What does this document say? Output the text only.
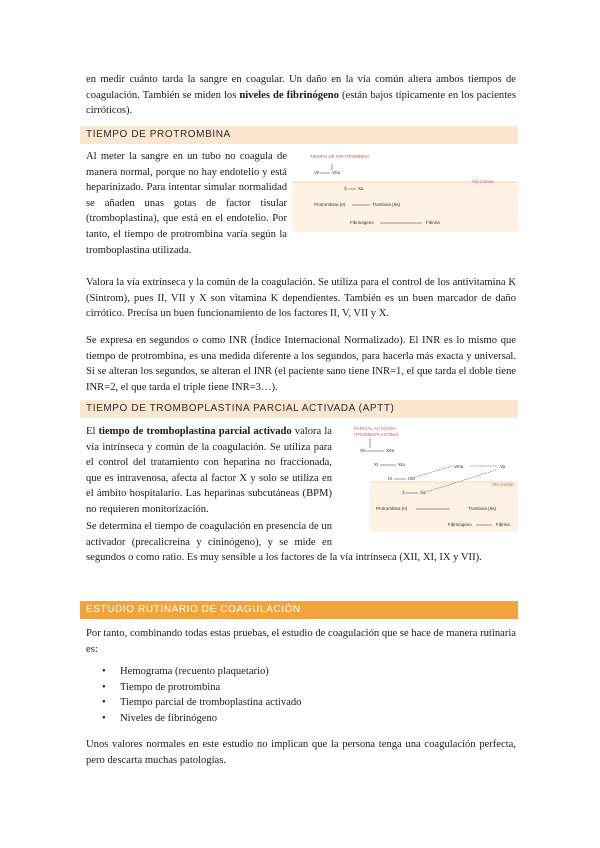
en medir cuánto tarda la sangre en coagular. Un daño en la vía común altera ambos tiempos de coagulación. También se miden los niveles de fibrinógeno (están bajos típicamente en los pacientes cirróticos).
TIEMPO DE PROTROMBINA
Al meter la sangre en un tubo no coagula de manera normal, porque no hay endotelio y está heparinizado. Para intentar simular normalidad se añaden unas gotas de factor tisular (tromboplastina), que está en el endotelio. Por tanto, el tiempo de protrombina varía según la tromboplastina utilizada.
TIEMPO DE PROTROMBINA
VII	VIIa
Vía común
X Xa
Protrombina (II)	Trombina (IIa)
Fibrinógeno	Fibrina
Valora la vía extrínseca y la común de la coagulación. Se utiliza para el control de los antivitamina K (Sintrom), pues II, VII y X son vitamina K dependientes. También es un buen marcador de daño cirrótico. Precisa un buen funcionamiento de los factores II, V, VII y X.
Se expresa en segundos o como INR (Índice Internacional Normalizado). El INR es lo mismo que tiempo de protrombina, es una medida diferente a los segundos, para hacerla más exacta y universal. Si se alteran los segundos, se alteran el INR (el paciente sano tiene INR=1, el que tarda el doble tiene INR=2, el que tarda el triple tiene INR=3…).
TIEMPO DE TROMBOPLASTINA PARCIAL ACTIVADA (APTT)
El tiempo de tromboplastina parcial activado valora la vía intrínseca y común de la coagulación. Se utiliza para el control del tratamiento con heparina no fraccionada, que es intravenosa, afecta al factor X y solo se utiliza en el ámbito hospitalario. Las heparinas subcutáneas (BPM) no requieren monitorización.
PARCIAL ACTIVADA
(TROMBOPLASTINA)
XII	XIIa
XI	XIa	VIIIa	Va
IX	IXa
Vía común
X	Xa
Protrombina (II)	Trombina (IIa)
Fibrinógeno	Fibrina
Se determina el tiempo de coagulación en presencia de un activador (precalicreína y cininógeno), y se mide en
segundos o como ratio. Es muy sensible a los factores de la vía intrínseca (XII, XI, IX y VII).
ESTUDIO RUTINARIO DE COAGULACIÓN
Por tanto, combinando todas estas pruebas, el estudio de coagulación que se hace de manera rutinaria es:
• Hemograma (recuento plaquetario)
• Tiempo de protrombina
• Tiempo parcial de tromboplastina activado
• Niveles de fibrinógeno
Unos valores normales en este estudio no implican que la persona tenga una coagulación perfecta, pero descarta muchas patologías.
